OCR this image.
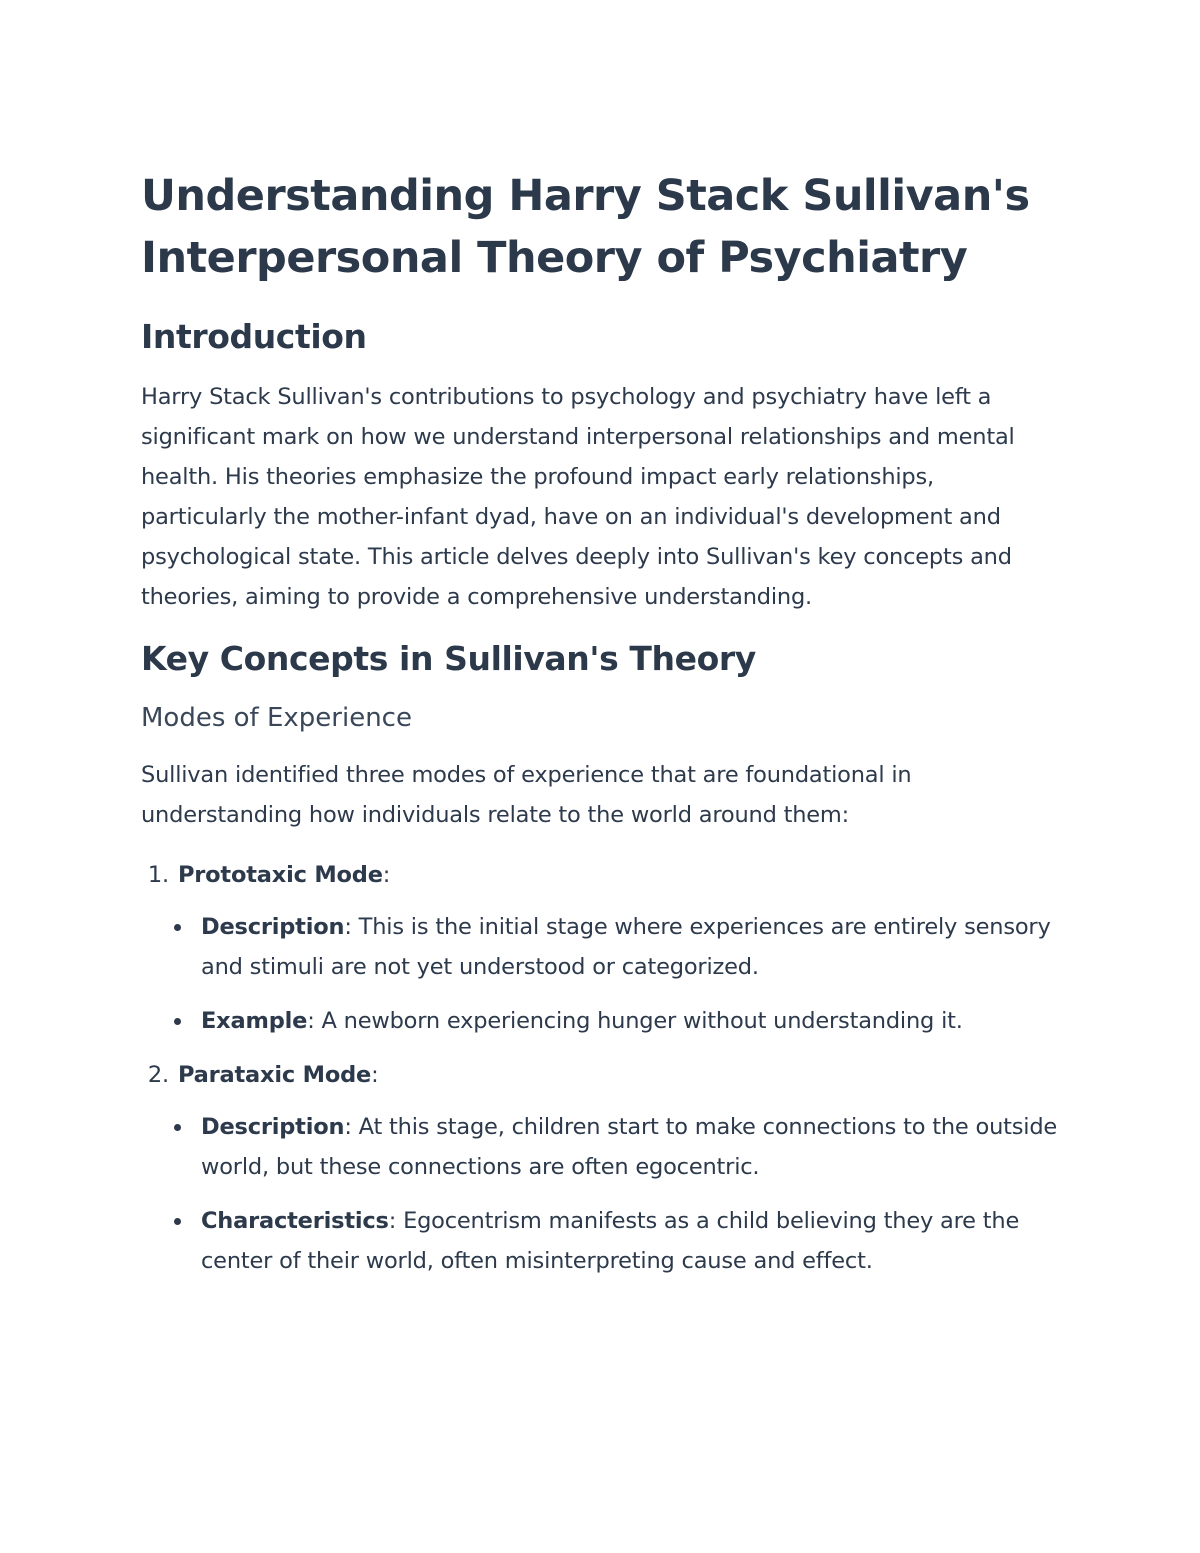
Understanding Harry Stack Sullivan's
Interpersonal Theory of Psychiatry
Introduction

Harry Stack Sullivan's contributions to psychology and psychiatry have left a significant mark on how we understand interpersonal relationships and mental health. His theories emphasize the profound impact early relationships, particularly the mother-infant dyad, have on an individual's development and psychological state. This article delves deeply into Sullivan's key concepts and theories, aiming to provide a comprehensive understanding.

Key Concepts in Sullivan's Theory
Modes of Experience

Sullivan identified three modes of experience that are foundational in understanding how individuals relate to the world around them:

1. Prototaxic Mode:
Description: This is the initial stage where experiences are entirely sensory and stimuli are not yet understood or categorized.
Example: A newborn experiencing hunger without understanding it.
2. Parataxic Mode:
Description: At this stage, children start to make connections to the outside world, but these connections are often egocentric.
Characteristics: Egocentrism manifests as a child believing they are the center of their world, often misinterpreting cause and effect.
